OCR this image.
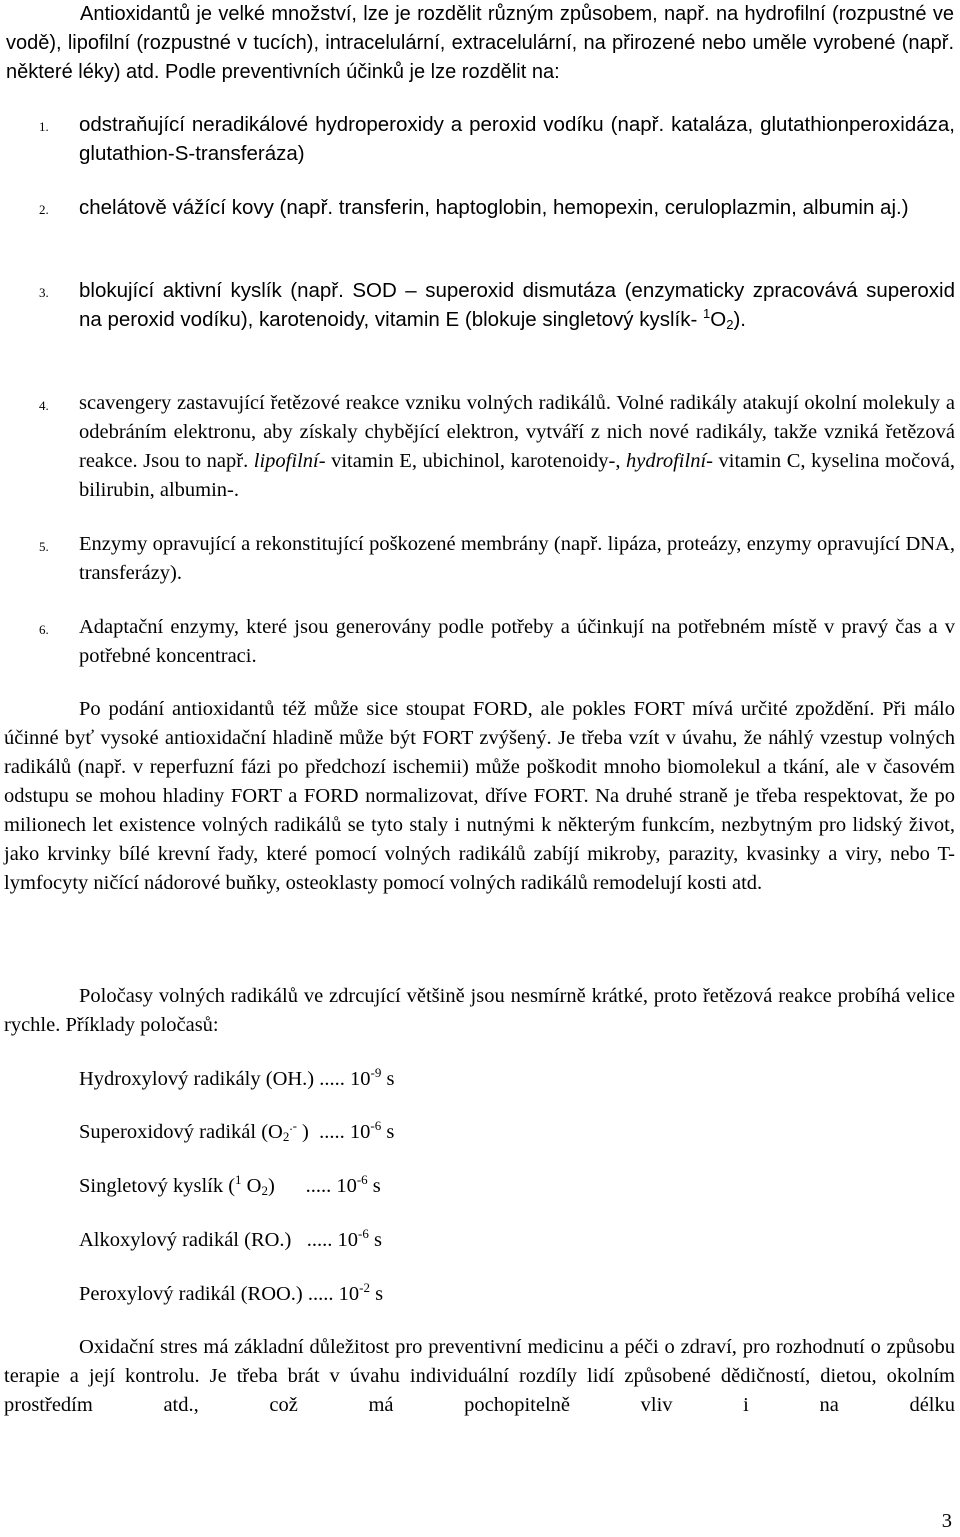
Antioxidantů je velké množství, lze je rozdělit různým způsobem, např. na hydrofilní (rozpustné ve vodě), lipofilní (rozpustné v tucích), intracelulární, extracelulární, na přirozené nebo uměle vyrobené (např. některé léky) atd. Podle preventivních účinků je lze rozdělit na:

1. odstraňující neradikálové hydroperoxidy a peroxid vodíku (např. kataláza, glutathionperoxidáza, glutathion-S-transferáza)
2. chelátově vážící kovy (např. transferin, haptoglobin, hemopexin, ceruloplazmin, albumin aj.)
3. blokující aktivní kyslík (např. SOD – superoxid dismutáza (enzymaticky zpracovává superoxid na peroxid vodíku), karotenoidy, vitamin E (blokuje singletový kyslík- $^1O_2$).
4. scavengery zastavující řetězové reakce vzniku volných radikálů. Volné radikály atakují okolní molekuly a odebráním elektronu, aby získaly chybějící elektron, vytváří z nich nové radikály, takže vzniká řetězová reakce. Jsou to např. lipofilní- vitamin E, ubichinol, karotenoidy-, hydrofilní- vitamin C, kyselina močová, bilirubin, albumin-.
5. Enzymy opravující a rekonstitující poškozené membrány (např. lipáza, proteázy, enzymy opravující DNA, transferázy).
6. Adaptační enzymy, které jsou generovány podle potřeby a účinkují na potřebném místě v pravý čas a v potřebné koncentraci.

Po podání antioxidantů též může sice stoupat FORD, ale pokles FORT mívá určité zpoždění. Při málo účinné byť vysoké antioxidační hladině může být FORT zvýšený. Je třeba vzít v úvahu, že náhlý vzestup volných radikálů (např. v reperfuzní fázi po předchozí ischemii) může poškodit mnoho biomolekul a tkání, ale v časovém odstupu se mohou hladiny FORT a FORD normalizovat, dříve FORT. Na druhé straně je třeba respektovat, že po milionech let existence volných radikálů se tyto staly i nutnými k některým funkcím, nezbytným pro lidský život, jako krvinky bílé krevní řady, které pomocí volných radikálů zabíjí mikroby, parazity, kvasinky a viry, nebo T-lymfocyty ničící nádorové buňky, osteoklasty pomocí volných radikálů remodelují kosti atd.

Poločasy volných radikálů ve zdrcující většině jsou nesmírně krátké, proto řetězová reakce probíhá velice rychle. Příklady poločasů:

Hydroxylový radikály (OH.) ..... $10^{-9}$ s
Superoxidový radikál ($O_2^{.-}$ )  ..... $10^{-6}$ s
Singletový kyslík ($^1$ $O_2$)      ..... $10^{-6}$ s
Alkoxylový radikál (RO.)   ..... $10^{-6}$ s
Peroxylový radikál (ROO.) ..... $10^{-2}$ s

Oxidační stres má základní důležitost pro preventivní medicinu a péči o zdraví, pro rozhodnutí o způsobu terapie a její kontrolu. Je třeba brát v úvahu individuální rozdíly lidí způsobené dědičností, dietou, okolním prostředím atd., což má pochopitelně vliv i na délku

3
